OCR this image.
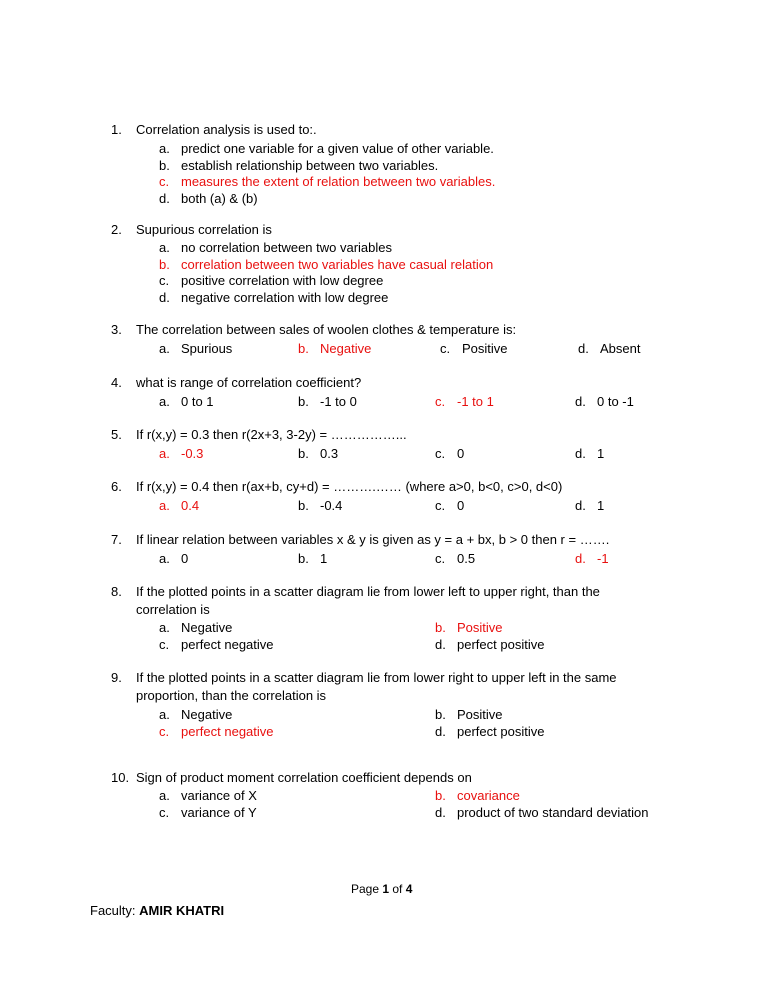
1. Correlation analysis is used to:.
a. predict one variable for a given value of other variable.
b. establish relationship between two variables.
c. measures the extent of relation between two variables.
d. both (a) & (b)
2. Supurious correlation is
a. no correlation between two variables
b. correlation between two variables have casual relation
c. positive correlation with low degree
d. negative correlation with low degree
3. The correlation between sales of woolen clothes & temperature is:
a. Spurious	b. Negative	c. Positive	d. Absent
4. what is range of correlation coefficient?
a. 0 to 1	b. -1 to 0	c. -1 to 1	d. 0 to -1
5. If r(x,y) = 0.3 then r(2x+3, 3-2y) = ……………...
a. -0.3	b. 0.3	c. 0	d. 1
6. If r(x,y) = 0.4 then r(ax+b, cy+d) = ……….…… (where a>0, b<0, c>0, d<0)
a. 0.4	b. -0.4	c. 0	d. 1
7. If linear relation between variables x & y is given as y = a + bx, b > 0 then r = …….
a. 0	b. 1	c. 0.5	d. -1
8. If the plotted points in a scatter diagram lie from lower left to upper right, than the
correlation is
a. Negative	b. Positive
c. perfect negative	d. perfect positive
9. If the plotted points in a scatter diagram lie from lower right to upper left in the same
proportion, than the correlation is
a. Negative	b. Positive
c. perfect negative	d. perfect positive
10. Sign of product moment correlation coefficient depends on
a. variance of X	b. covariance
c. variance of Y	d. product of two standard deviation
Page 1 of 4
Faculty: AMIR KHATRI
